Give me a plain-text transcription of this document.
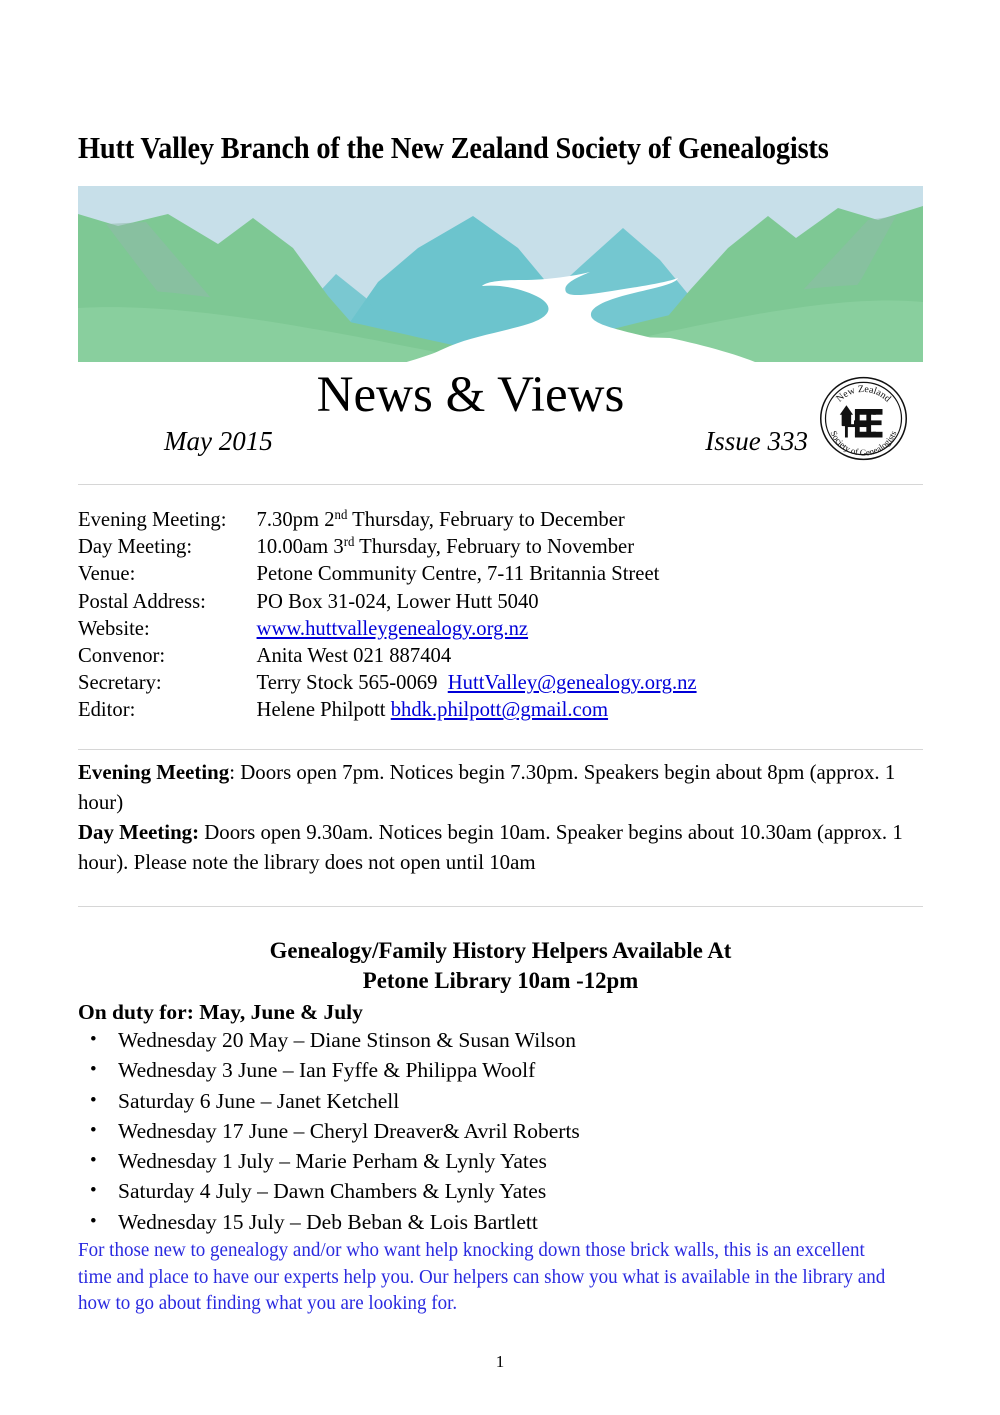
Hutt Valley Branch of the New Zealand Society of Genealogists
News & Views
May 2015	Issue 333
New Zealand
Society of Genealogists
Evening Meeting:	7.30pm 2nd Thursday, February to December
Day Meeting:	10.00am 3rd Thursday, February to November
Venue:	Petone Community Centre, 7-11 Britannia Street
Postal Address:	PO Box 31-024, Lower Hutt 5040
Website:	www.huttvalleygenealogy.org.nz
Convenor:	Anita West 021 887404
Secretary:	Terry Stock 565-0069 HuttValley@genealogy.org.nz
Editor:	Helene Philpott bhdk.philpott@gmail.com

Evening Meeting: Doors open 7pm. Notices begin 7.30pm. Speakers begin about 8pm (approx. 1 hour)

Day Meeting: Doors open 9.30am. Notices begin 10am. Speaker begins about 10.30am (approx. 1 hour). Please note the library does not open until 10am

Genealogy/Family History Helpers Available At
Petone Library 10am -12pm
On duty for: May, June & July
• Wednesday 20 May – Diane Stinson & Susan Wilson
• Wednesday 3 June – Ian Fyffe & Philippa Woolf
• Saturday 6 June – Janet Ketchell
• Wednesday 17 June – Cheryl Dreaver& Avril Roberts
• Wednesday 1 July – Marie Perham & Lynly Yates
• Saturday 4 July – Dawn Chambers & Lynly Yates
• Wednesday 15 July – Deb Beban & Lois Bartlett

For those new to genealogy and/or who want help knocking down those brick walls, this is an excellent time and place to have our experts help you. Our helpers can show you what is available in the library and how to go about finding what you are looking for.

1
